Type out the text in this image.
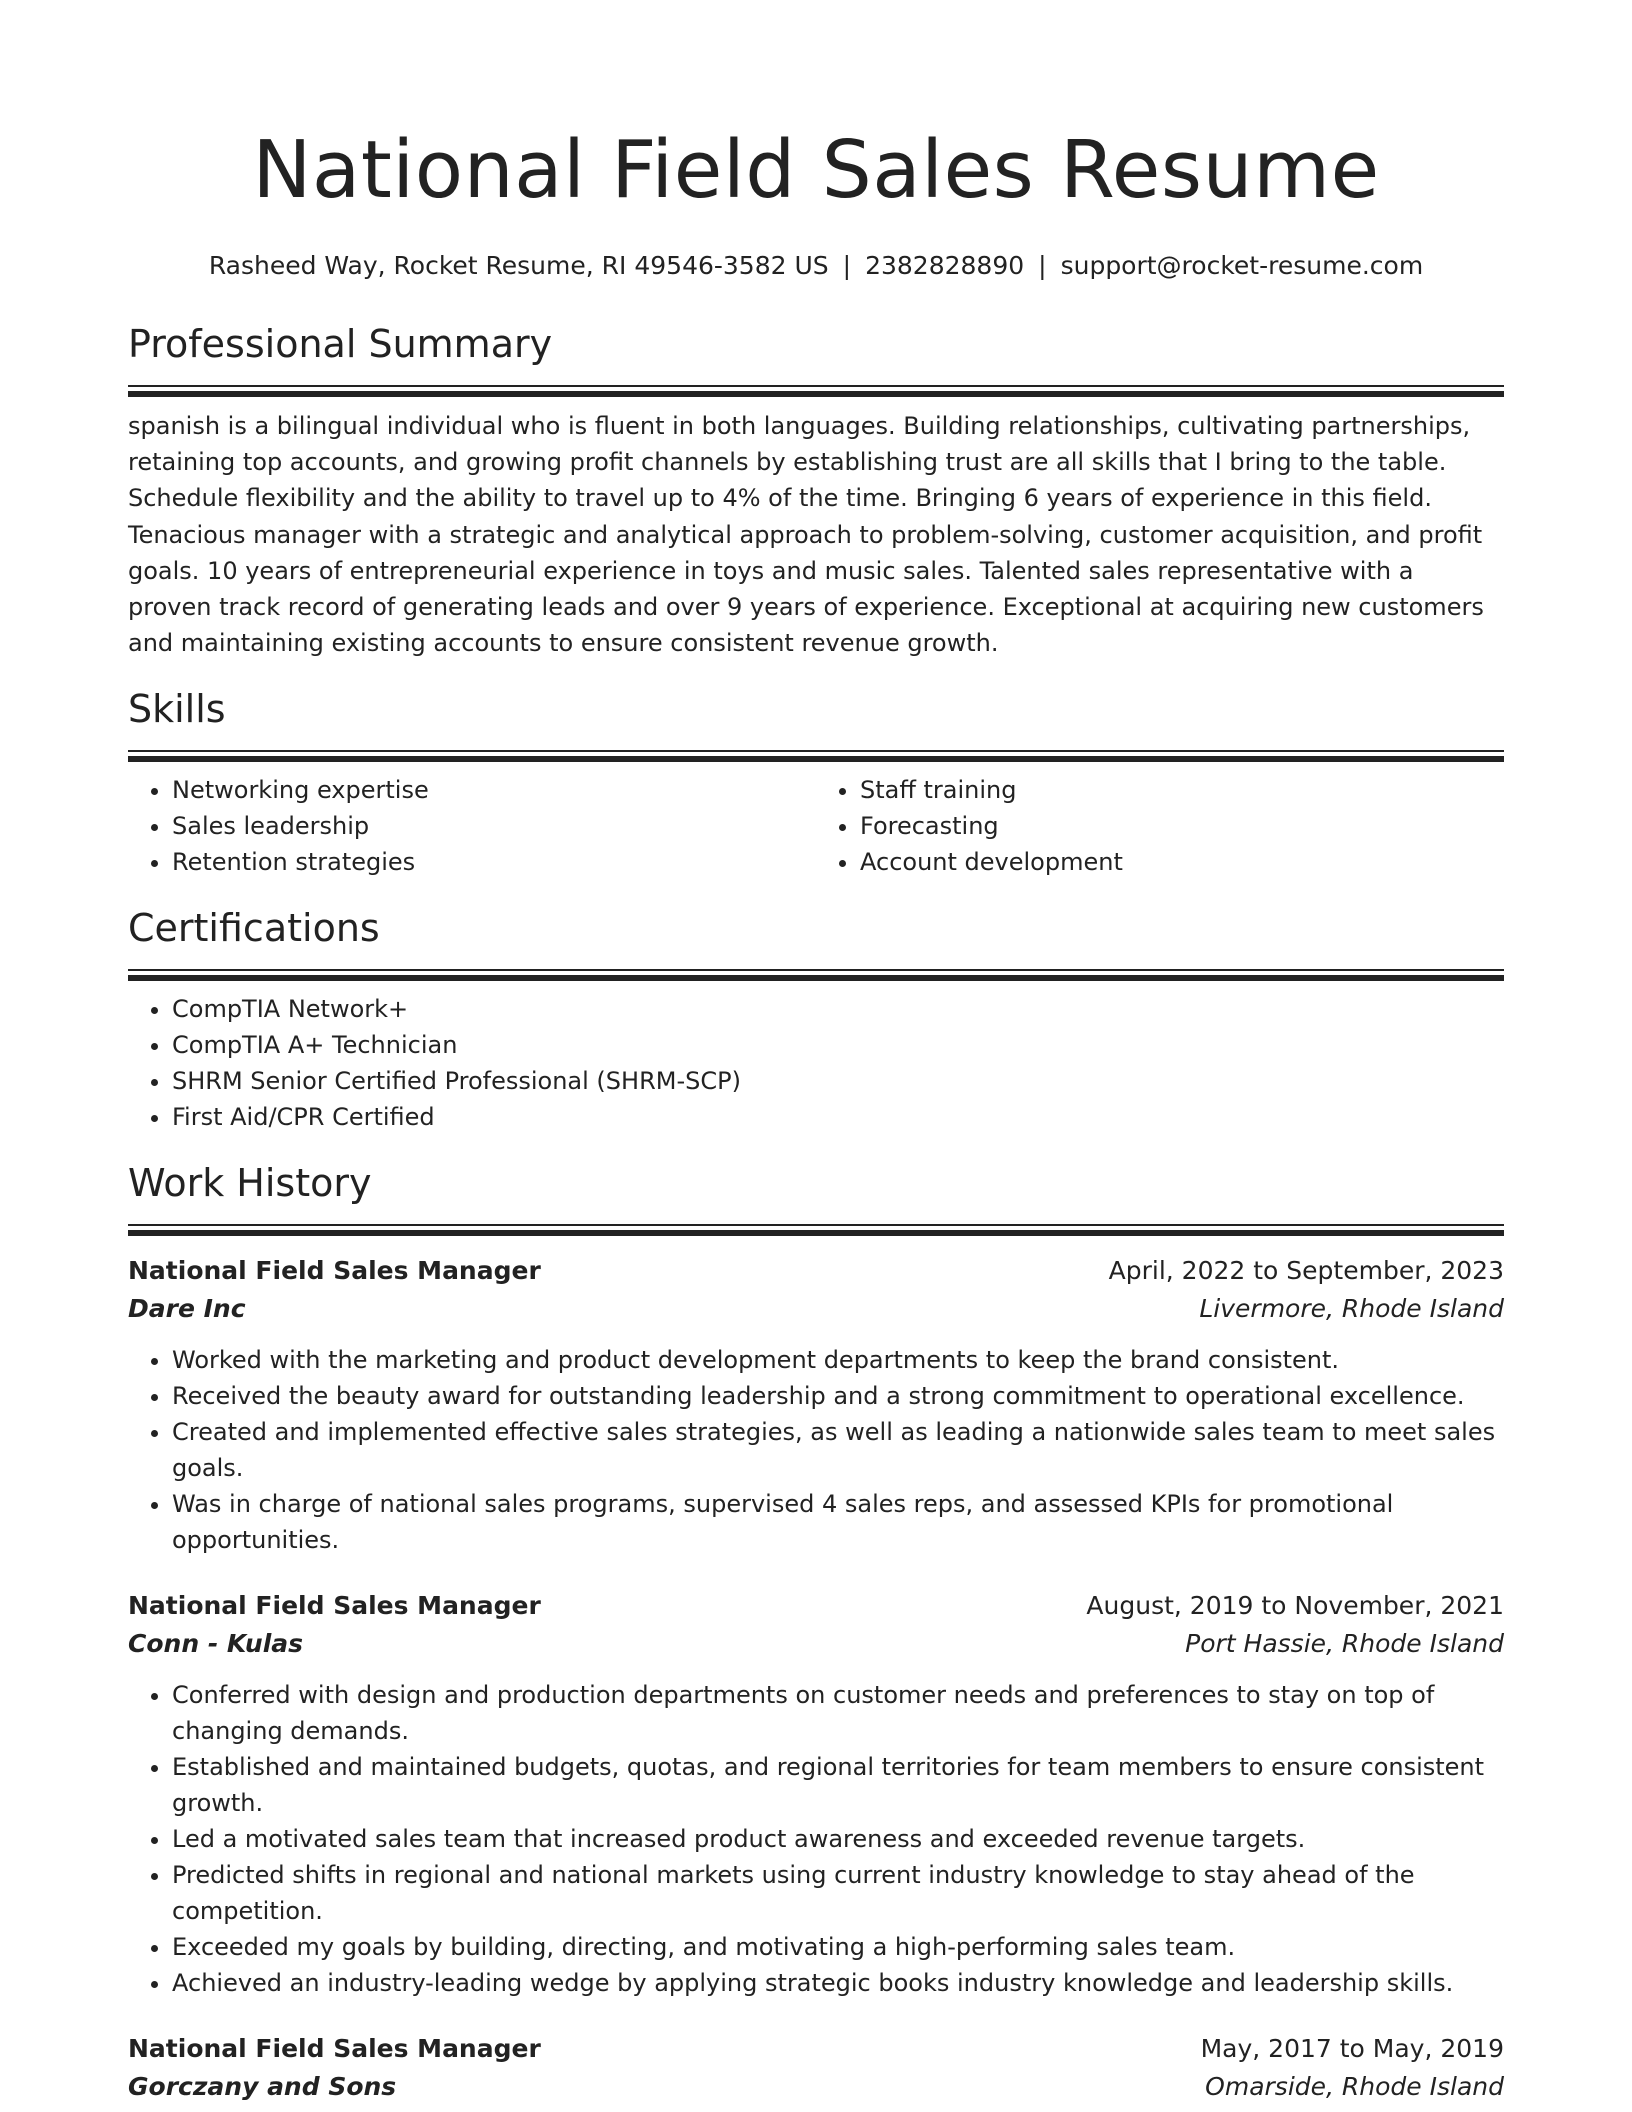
National Field Sales Resume
Rasheed Way, Rocket Resume, RI 49546-3582 US | 2382828890 | support@rocket-resume.com
Professional Summary

spanish is a bilingual individual who is fluent in both languages. Building relationships, cultivating partnerships, retaining top accounts, and growing profit channels by establishing trust are all skills that I bring to the table. Schedule flexibility and the ability to travel up to 4% of the time. Bringing 6 years of experience in this field. Tenacious manager with a strategic and analytical approach to problem-solving, customer acquisition, and profit goals. 10 years of entrepreneurial experience in toys and music sales. Talented sales representative with a proven track record of generating leads and over 9 years of experience. Exceptional at acquiring new customers and maintaining existing accounts to ensure consistent revenue growth.

Skills
• Networking expertise
• Sales leadership
• Retention strategies
• Staff training
• Forecasting
• Account development
Certifications
• CompTIA Network+
• CompTIA A+ Technician
• SHRM Senior Certified Professional (SHRM-SCP)
• First Aid/CPR Certified
Work History
National Field Sales Manager	April, 2022 to September, 2023
Dare Inc	Livermore, Rhode Island
• Worked with the marketing and product development departments to keep the brand consistent.
• Received the beauty award for outstanding leadership and a strong commitment to operational excellence.
• Created and implemented effective sales strategies, as well as leading a nationwide sales team to meet sales goals.
• Was in charge of national sales programs, supervised 4 sales reps, and assessed KPIs for promotional opportunities.
National Field Sales Manager	August, 2019 to November, 2021
Conn - Kulas	Port Hassie, Rhode Island
• Conferred with design and production departments on customer needs and preferences to stay on top of changing demands.
• Established and maintained budgets, quotas, and regional territories for team members to ensure consistent growth.
• Led a motivated sales team that increased product awareness and exceeded revenue targets.
• Predicted shifts in regional and national markets using current industry knowledge to stay ahead of the competition.
• Exceeded my goals by building, directing, and motivating a high-performing sales team.
• Achieved an industry-leading wedge by applying strategic books industry knowledge and leadership skills.
National Field Sales Manager	May, 2017 to May, 2019
Gorczany and Sons	Omarside, Rhode Island
